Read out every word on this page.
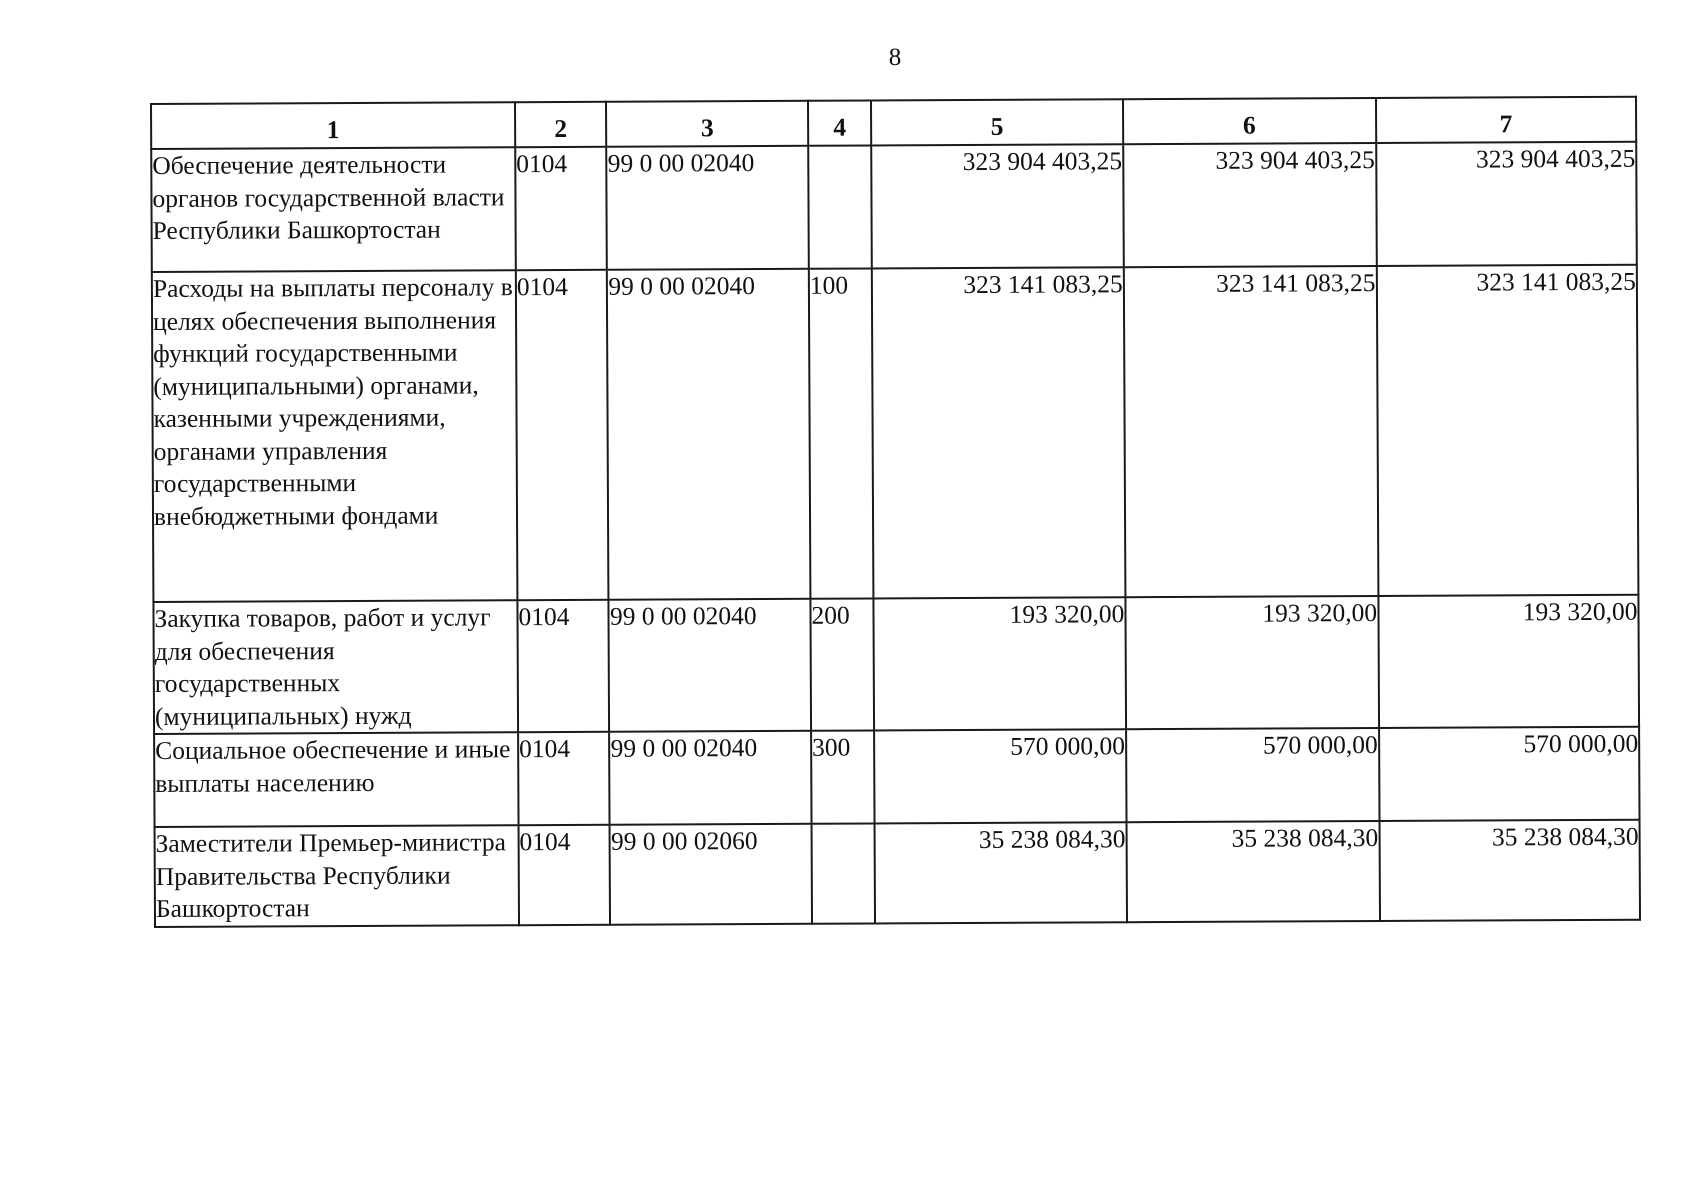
8
1	2	3	4	5	6	7
Обеспечение деятельности органов государственной власти Республики Башкортостан	0104	99 0 00 02040		323 904 403,25	323 904 403,25	323 904 403,25
Расходы на выплаты персоналу в целях обеспечения выполнения функций государственными (муниципальными) органами, казенными учреждениями, органами управления государственными внебюджетными фондами	0104	99 0 00 02040	100	323 141 083,25	323 141 083,25	323 141 083,25
Закупка товаров, работ и услуг для обеспечения государственных (муниципальных) нужд	0104	99 0 00 02040	200	193 320,00	193 320,00	193 320,00
Социальное обеспечение и иные выплаты населению	0104	99 0 00 02040	300	570 000,00	570 000,00	570 000,00
Заместители Премьер-министра Правительства Республики Башкортостан	0104	99 0 00 02060		35 238 084,30	35 238 084,30	35 238 084,30
